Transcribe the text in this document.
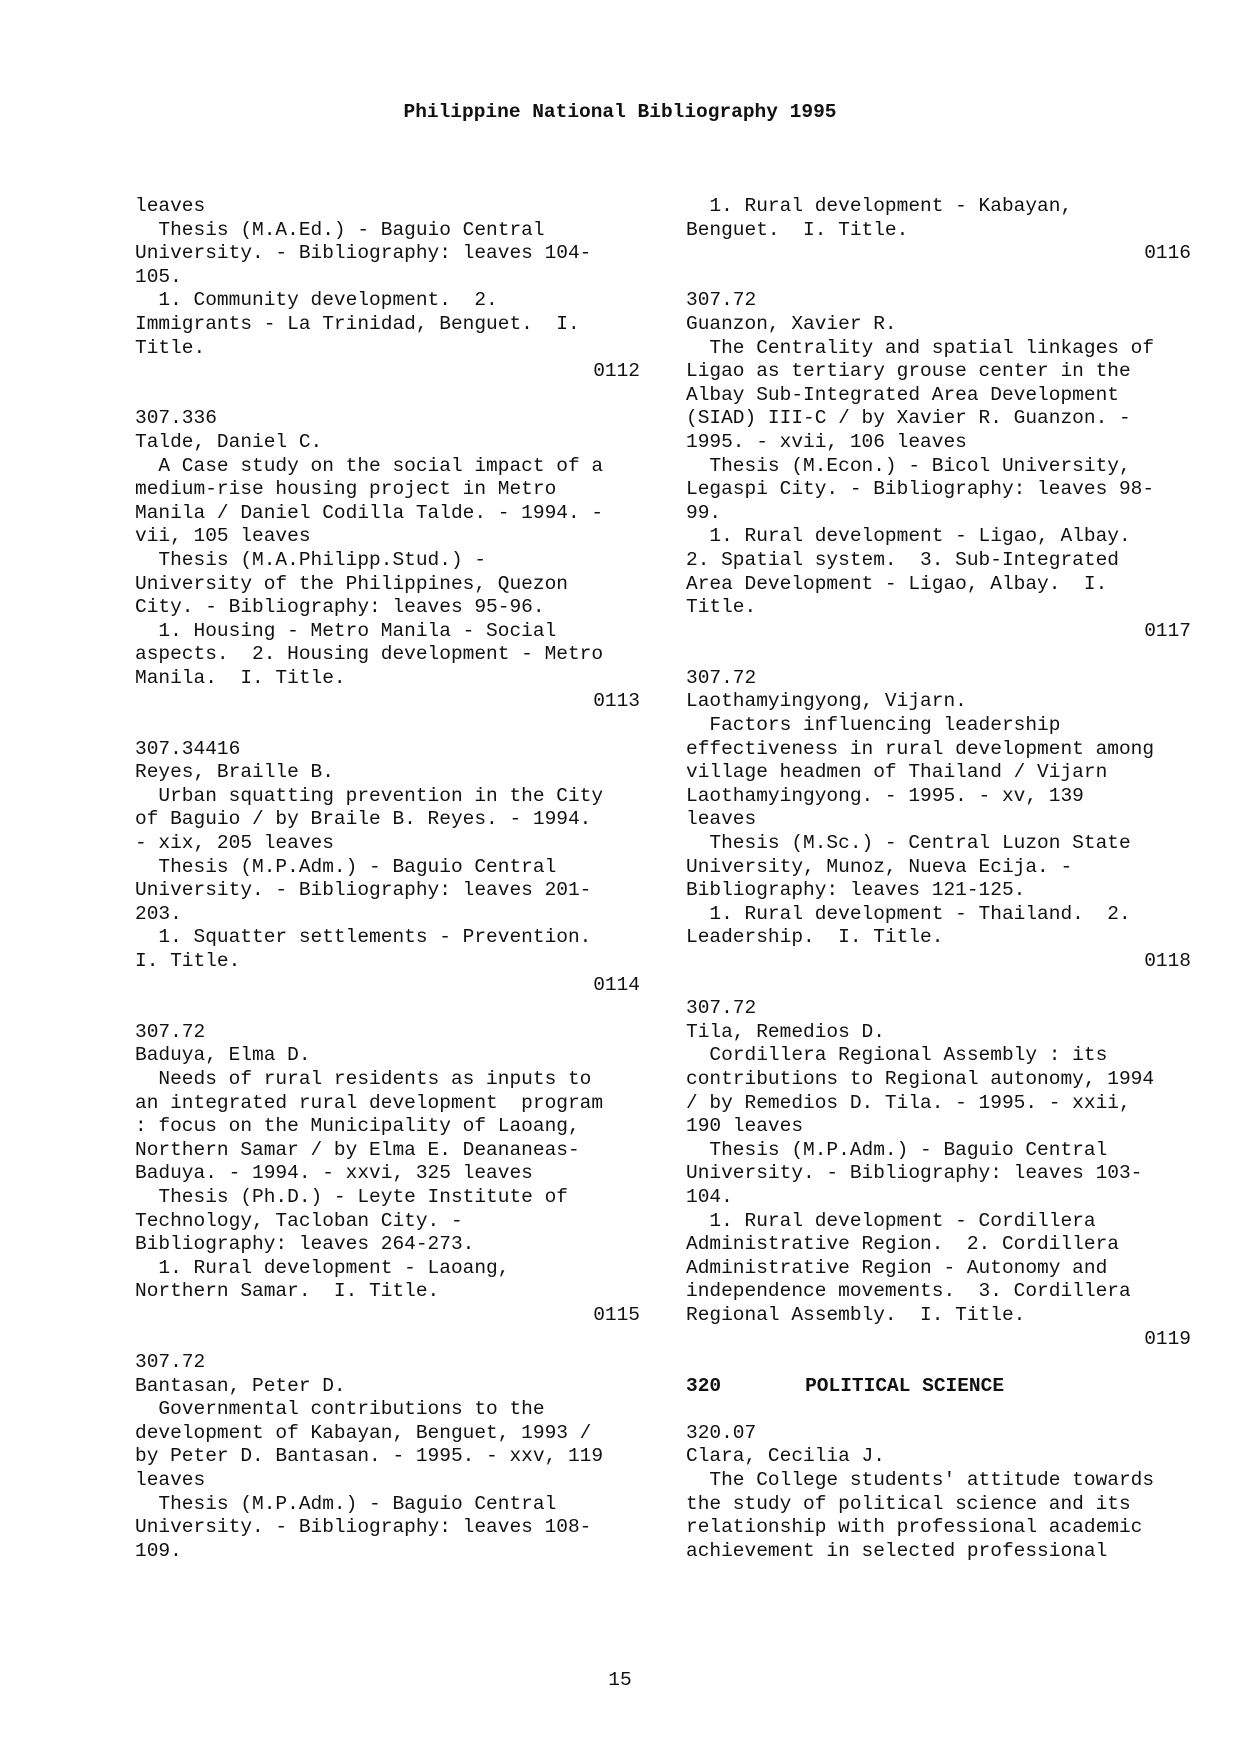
Philippine National Bibliography 1995
leaves
Thesis (M.A.Ed.) - Baguio Central
University. - Bibliography: leaves 104-
105.
1. Community development.  2.
Immigrants - La Trinidad, Benguet.  I.
Title.
0112
307.336
Talde, Daniel C.
A Case study on the social impact of a
medium-rise housing project in Metro
Manila / Daniel Codilla Talde. - 1994. -
vii, 105 leaves
Thesis (M.A.Philipp.Stud.) -
University of the Philippines, Quezon
City. - Bibliography: leaves 95-96.
1. Housing - Metro Manila - Social
aspects.  2. Housing development - Metro
Manila.  I. Title.
0113
307.34416
Reyes, Braille B.
Urban squatting prevention in the City
of Baguio / by Braile B. Reyes. - 1994.
- xix, 205 leaves
Thesis (M.P.Adm.) - Baguio Central
University. - Bibliography: leaves 201-
203.
1. Squatter settlements - Prevention.
I. Title.
0114
307.72
Baduya, Elma D.
Needs of rural residents as inputs to
an integrated rural development  program
: focus on the Municipality of Laoang,
Northern Samar / by Elma E. Deananeas-
Baduya. - 1994. - xxvi, 325 leaves
Thesis (Ph.D.) - Leyte Institute of
Technology, Tacloban City. -
Bibliography: leaves 264-273.
1. Rural development - Laoang,
Northern Samar.  I. Title.
0115
307.72
Bantasan, Peter D.
Governmental contributions to the
development of Kabayan, Benguet, 1993 /
by Peter D. Bantasan. - 1995. - xxv, 119
leaves
Thesis (M.P.Adm.) - Baguio Central
University. - Bibliography: leaves 108-
109.
1. Rural development - Kabayan,
Benguet.  I. Title.
0116
307.72
Guanzon, Xavier R.
The Centrality and spatial linkages of
Ligao as tertiary grouse center in the
Albay Sub-Integrated Area Development
(SIAD) III-C / by Xavier R. Guanzon. -
1995. - xvii, 106 leaves
Thesis (M.Econ.) - Bicol University,
Legaspi City. - Bibliography: leaves 98-
99.
1. Rural development - Ligao, Albay.
2. Spatial system.  3. Sub-Integrated
Area Development - Ligao, Albay.  I.
Title.
0117
307.72
Laothamyingyong, Vijarn.
Factors influencing leadership
effectiveness in rural development among
village headmen of Thailand / Vijarn
Laothamyingyong. - 1995. - xv, 139
leaves
Thesis (M.Sc.) - Central Luzon State
University, Munoz, Nueva Ecija. -
Bibliography: leaves 121-125.
1. Rural development - Thailand.  2.
Leadership.  I. Title.
0118
307.72
Tila, Remedios D.
Cordillera Regional Assembly : its
contributions to Regional autonomy, 1994
/ by Remedios D. Tila. - 1995. - xxii,
190 leaves
Thesis (M.P.Adm.) - Baguio Central
University. - Bibliography: leaves 103-
104.
1. Rural development - Cordillera
Administrative Region.  2. Cordillera
Administrative Region - Autonomy and
independence movements.  3. Cordillera
Regional Assembly.  I. Title.
0119
320	POLITICAL SCIENCE
320.07
Clara, Cecilia J.
The College students' attitude towards
the study of political science and its
relationship with professional academic
achievement in selected professional
15
